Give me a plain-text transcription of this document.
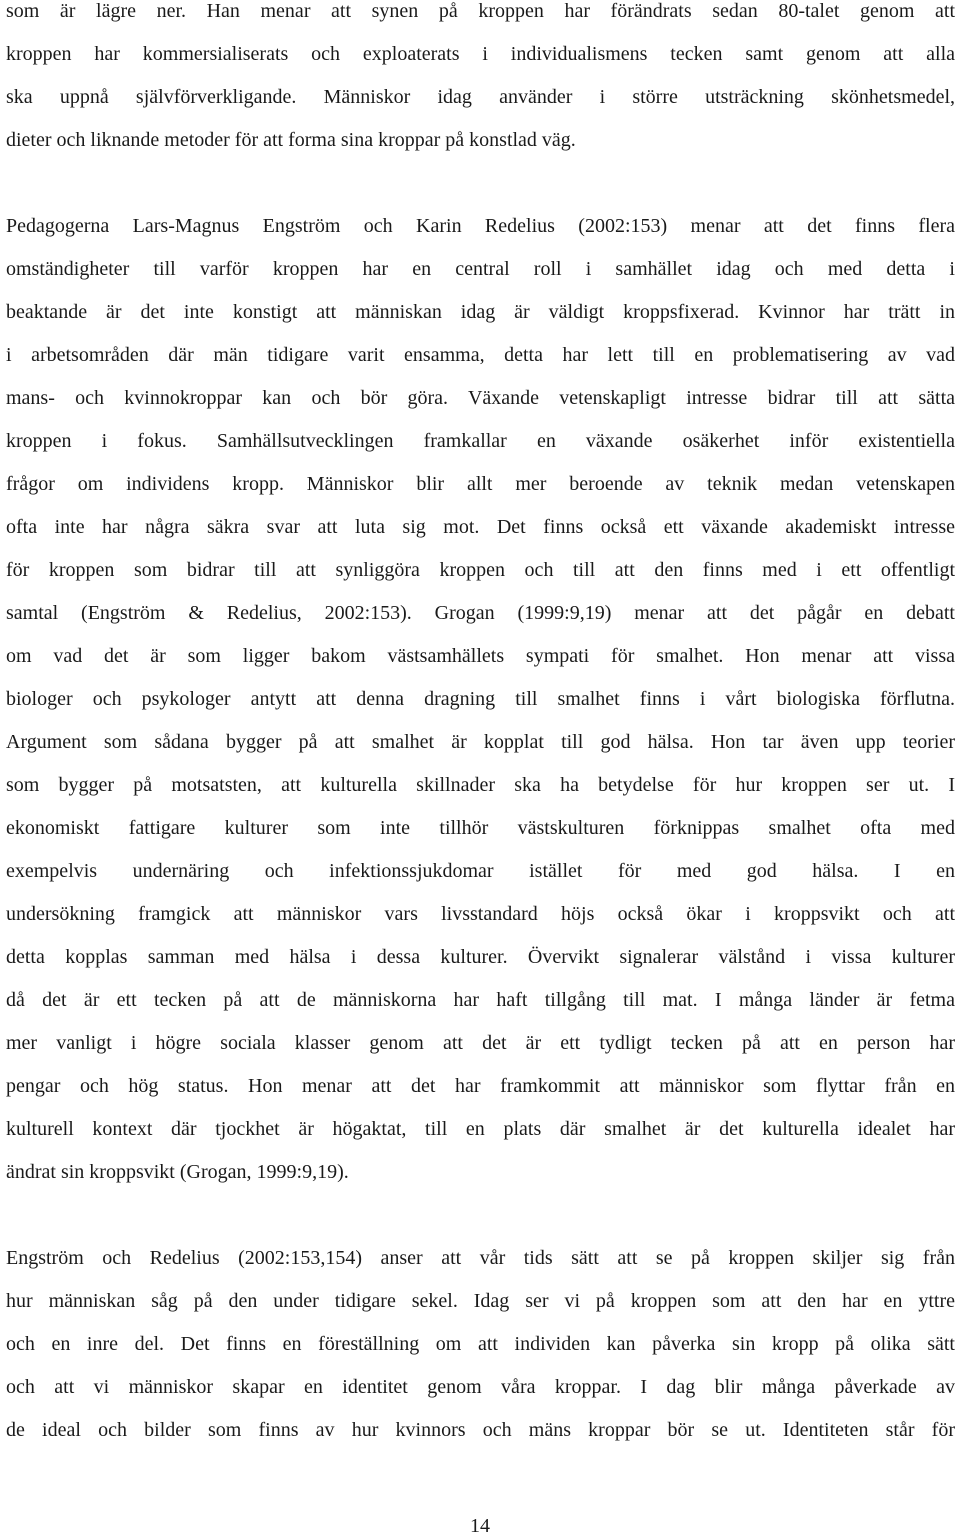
som är lägre ner. Han menar att synen på kroppen har förändrats sedan 80-talet genom att
kroppen har kommersialiserats och exploaterats i individualismens tecken samt genom att alla
ska uppnå självförverkligande. Människor idag använder i större utsträckning skönhetsmedel,
dieter och liknande metoder för att forma sina kroppar på konstlad väg.
Pedagogerna Lars-Magnus Engström och Karin Redelius (2002:153) menar att det finns flera
omständigheter till varför kroppen har en central roll i samhället idag och med detta i
beaktande är det inte konstigt att människan idag är väldigt kroppsfixerad. Kvinnor har trätt in
i arbetsområden där män tidigare varit ensamma, detta har lett till en problematisering av vad
mans- och kvinnokroppar kan och bör göra. Växande vetenskapligt intresse bidrar till att sätta
kroppen i fokus. Samhällsutvecklingen framkallar en växande osäkerhet inför existentiella
frågor om individens kropp. Människor blir allt mer beroende av teknik medan vetenskapen
ofta inte har några säkra svar att luta sig mot. Det finns också ett växande akademiskt intresse
för kroppen som bidrar till att synliggöra kroppen och till att den finns med i ett offentligt
samtal (Engström & Redelius, 2002:153). Grogan (1999:9,19) menar att det pågår en debatt
om vad det är som ligger bakom västsamhällets sympati för smalhet. Hon menar att vissa
biologer och psykologer antytt att denna dragning till smalhet finns i vårt biologiska förflutna.
Argument som sådana bygger på att smalhet är kopplat till god hälsa. Hon tar även upp teorier
som bygger på motsatsten, att kulturella skillnader ska ha betydelse för hur kroppen ser ut. I
ekonomiskt fattigare kulturer som inte tillhör västskulturen förknippas smalhet ofta med
exempelvis undernäring och infektionssjukdomar istället för med god hälsa. I en
undersökning framgick att människor vars livsstandard höjs också ökar i kroppsvikt och att
detta kopplas samman med hälsa i dessa kulturer. Övervikt signalerar välstånd i vissa kulturer
då det är ett tecken på att de människorna har haft tillgång till mat. I många länder är fetma
mer vanligt i högre sociala klasser genom att det är ett tydligt tecken på att en person har
pengar och hög status. Hon menar att det har framkommit att människor som flyttar från en
kulturell kontext där tjockhet är högaktat, till en plats där smalhet är det kulturella idealet har
ändrat sin kroppsvikt (Grogan, 1999:9,19).
Engström och Redelius (2002:153,154) anser att vår tids sätt att se på kroppen skiljer sig från
hur människan såg på den under tidigare sekel. Idag ser vi på kroppen som att den har en yttre
och en inre del. Det finns en föreställning om att individen kan påverka sin kropp på olika sätt
och att vi människor skapar en identitet genom våra kroppar. I dag blir många påverkade av
de ideal och bilder som finns av hur kvinnors och mäns kroppar bör se ut. Identiteten står för
14
